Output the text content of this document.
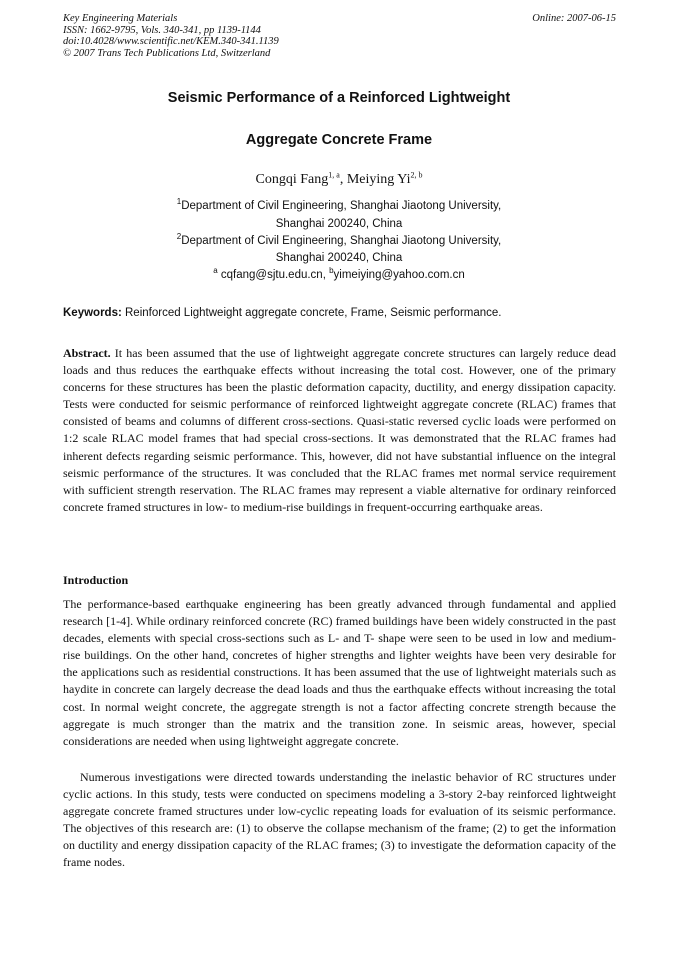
Key Engineering Materials
ISSN: 1662-9795, Vols. 340-341, pp 1139-1144
doi:10.4028/www.scientific.net/KEM.340-341.1139
© 2007 Trans Tech Publications Ltd, Switzerland
Online: 2007-06-15
Seismic Performance of a Reinforced Lightweight
Aggregate Concrete Frame
Congqi Fang$^{1, a}$, Meiying Yi$^{2, b}$
$^1$Department of Civil Engineering, Shanghai Jiaotong University,
Shanghai 200240, China
$^2$Department of Civil Engineering, Shanghai Jiaotong University,
Shanghai 200240, China
$^a$ cqfang@sjtu.edu.cn, $^b$yimeiying@yahoo.com.cn
Keywords: Reinforced Lightweight aggregate concrete, Frame, Seismic performance.
Abstract. It has been assumed that the use of lightweight aggregate concrete structures can largely reduce dead loads and thus reduces the earthquake effects without increasing the total cost. However, one of the primary concerns for these structures has been the plastic deformation capacity, ductility, and energy dissipation capacity. Tests were conducted for seismic performance of reinforced lightweight aggregate concrete (RLAC) frames that consisted of beams and columns of different cross-sections. Quasi-static reversed cyclic loads were performed on 1:2 scale RLAC model frames that had special cross-sections. It was demonstrated that the RLAC frames had inherent defects regarding seismic performance. This, however, did not have substantial influence on the integral seismic performance of the structures. It was concluded that the RLAC frames met normal service requirement with sufficient strength reservation. The RLAC frames may represent a viable alternative for ordinary reinforced concrete framed structures in low- to medium-rise buildings in frequent-occurring earthquake areas.
Introduction
The performance-based earthquake engineering has been greatly advanced through fundamental and applied research [1-4]. While ordinary reinforced concrete (RC) framed buildings have been widely constructed in the past decades, elements with special cross-sections such as L- and T- shape were seen to be used in low and medium-rise buildings. On the other hand, concretes of higher strengths and lighter weights have been very desirable for the applications such as residential constructions. It has been assumed that the use of lightweight materials such as haydite in concrete can largely decrease the dead loads and thus the earthquake effects without increasing the total cost. In normal weight concrete, the aggregate strength is not a factor affecting concrete strength because the aggregate is much stronger than the matrix and the transition zone. In seismic areas, however, special considerations are needed when using lightweight aggregate concrete.
Numerous investigations were directed towards understanding the inelastic behavior of RC structures under cyclic actions. In this study, tests were conducted on specimens modeling a 3-story 2-bay reinforced lightweight aggregate concrete framed structures under low-cyclic repeating loads for evaluation of its seismic performance. The objectives of this research are: (1) to observe the collapse mechanism of the frame; (2) to get the information on ductility and energy dissipation capacity of the RLAC frames; (3) to investigate the deformation capacity of the frame nodes.
